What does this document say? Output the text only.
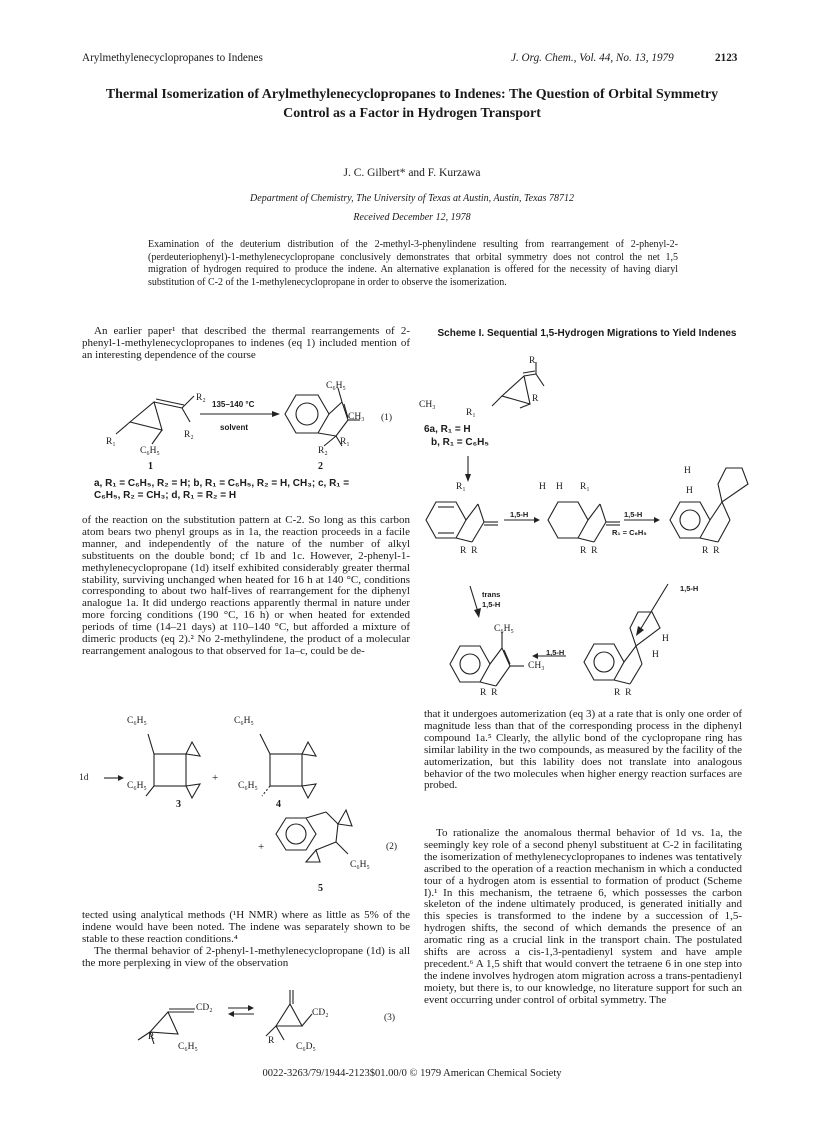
Arylmethylenecyclopropanes to Indenes	J. Org. Chem., Vol. 44, No. 13, 1979	2123
Thermal Isomerization of Arylmethylenecyclopropanes to Indenes: The Question of Orbital Symmetry Control as a Factor in Hydrogen Transport
J. C. Gilbert* and F. Kurzawa
Department of Chemistry, The University of Texas at Austin, Austin, Texas 78712
Received December 12, 1978

Examination of the deuterium distribution of the 2-methyl-3-phenylindene resulting from rearrangement of 2-phenyl-2-(perdeuteriophenyl)-1-methylenecyclopropane conclusively demonstrates that orbital symmetry does not control the net 1,5 migration of hydrogen required to produce the indene. An alternative explanation is offered for the necessity of having diaryl substitution of C-2 of the 1-methylenecyclopropane in order to observe the isomerization.

An earlier paper¹ that described the thermal rearrangements of 2-phenyl-1-methylenecyclopropanes to indenes (eq 1) included mention of an interesting dependence of the course

R₂
R₂
R₁
C₆H₅
135–140 °C
solvent
C₆H₅
CH₃
R₁
R₂
(1)
1	2
a, R₁ = C₆H₅, R₂ = H; b, R₁ = C₆H₅, R₂ = H, CH₃; c, R₁ =
C₆H₅, R₂ = CH₃; d, R₁ = R₂ = H

of the reaction on the substitution pattern at C-2. So long as this carbon atom bears two phenyl groups as in 1a, the reaction proceeds in a facile manner, and independently of the nature of the number of alkyl substituents on the double bond; cf 1b and 1c. However, 2-phenyl-1-methylenecyclopropane (1d) itself exhibited considerably greater thermal stability, surviving unchanged when heated for 16 h at 140 °C, conditions corresponding to about two half-lives of rearrangement for the diphenyl analogue 1a. It did undergo reactions apparently thermal in nature under more forcing conditions (190 °C, 16 h) or when heated for extended periods of time (14–21 days) at 110–140 °C, but afforded a mixture of dimeric products (eq 2).² No 2-methylindene, the product of a molecular rearrangement analogous to that observed for 1a–c, could be de-

1d
C₆H₅
C₆H₅
+
C₆H₅
C₆H₅
3	4
+
C₆H₅
(2)
5

tected using analytical methods (¹H NMR) where as little as 5% of the indene would have been noted. The indene was separately shown to be stable to these reaction conditions.⁴

The thermal behavior of 2-phenyl-1-methylenecyclopropane (1d) is all the more perplexing in view of the observation

CD₂
R
C₆H₅
CD₂
R
C₆D₅
(3)
Scheme I. Sequential 1,5-Hydrogen Migrations to Yield Indenes
R
CH₃
R
R₁
6a, R₁ = H
b, R₁ = C₆H₅
R₁	H H R₁
1,5-H	1,5-H
R₁ = C₆H₅
H
H
R R	R R	R R
trans
1,5-H
1,5-H
C₆H₅
CH₃
1,5-H
H
H
R R	R R

that it undergoes automerization (eq 3) at a rate that is only one order of magnitude less than that of the corresponding process in the diphenyl compound 1a.⁵ Clearly, the allylic bond of the cyclopropane ring has similar lability in the two compounds, as measured by the facility of the automerization, but this lability does not translate into analogous behavior of the two molecules when higher energy reaction surfaces are probed.

To rationalize the anomalous thermal behavior of 1d vs. 1a, the seemingly key role of a second phenyl substituent at C-2 in facilitating the isomerization of methylenecyclopropanes to indenes was tentatively ascribed to the operation of a reaction mechanism in which a conducted tour of a hydrogen atom is essential to formation of product (Scheme I).¹ In this mechanism, the tetraene 6, which possesses the carbon skeleton of the indene ultimately produced, is generated initially and this species is transformed to the indene by a succession of 1,5-hydrogen shifts, the second of which demands the presence of an aromatic ring as a crucial link in the transport chain. The postulated shifts are across a cis-1,3-pentadienyl system and have ample precedent.⁶ A 1,5 shift that would convert the tetraene 6 in one step into the indene involves hydrogen atom migration across a trans-pentadienyl moiety, but there is, to our knowledge, no literature support for such an event occurring under control of orbital symmetry. The

0022-3263/79/1944-2123$01.00/0 © 1979 American Chemical Society
